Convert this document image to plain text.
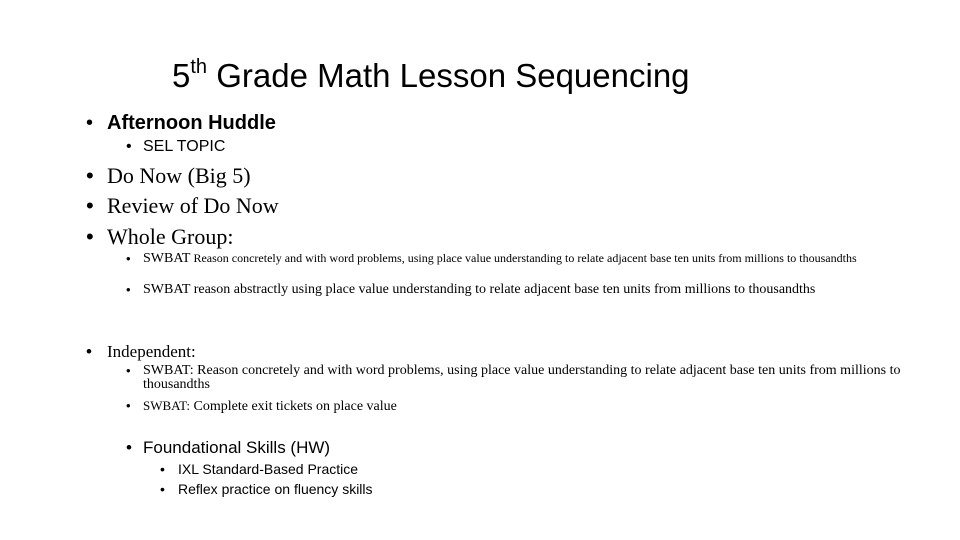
5th Grade Math Lesson Sequencing
• Afternoon Huddle
• SEL TOPIC
• Do Now (Big 5)
• Review of Do Now
• Whole Group:
• SWBAT Reason concretely and with word problems, using place value understanding to relate adjacent base ten units from millions to thousandths
• SWBAT reason abstractly using place value understanding to relate adjacent base ten units from millions to thousandths
• Independent:
• SWBAT: Reason concretely and with word problems, using place value understanding to relate adjacent base ten units from millions to thousandths
• SWBAT: Complete exit tickets on place value
• Foundational Skills (HW)
• IXL Standard-Based Practice
• Reflex practice on fluency skills
